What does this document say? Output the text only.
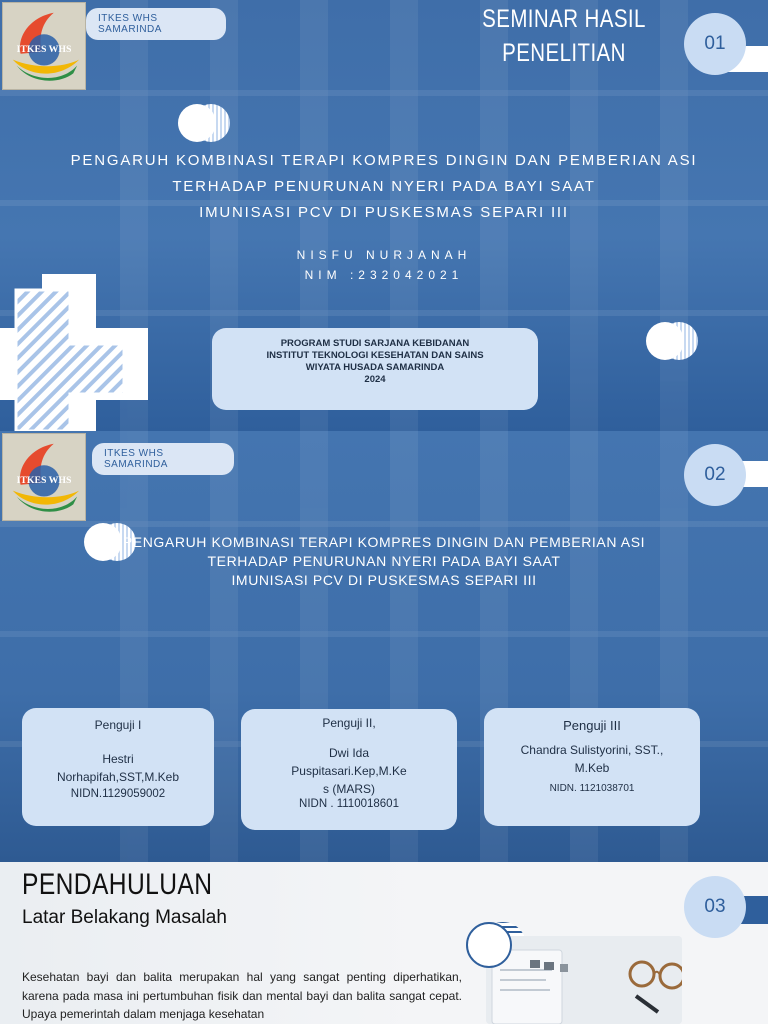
ITKES WHS
ITKES WHS SAMARINDA	SEMINAR HASIL
PENELITIAN	01
PENGARUH KOMBINASI TERAPI KOMPRES DINGIN DAN PEMBERIAN ASI
TERHADAP PENURUNAN NYERI PADA BAYI SAAT
IMUNISASI PCV DI PUSKESMAS SEPARI III
NISFU NURJANAH
NIM :232042021
PROGRAM STUDI SARJANA KEBIDANAN
INSTITUT TEKNOLOGI KESEHATAN DAN SAINS
WIYATA HUSADA SAMARINDA
2024
ITKES WHS
ITKES WHS SAMARINDA	02
PENGARUH KOMBINASI TERAPI KOMPRES DINGIN DAN PEMBERIAN ASI
TERHADAP PENURUNAN NYERI PADA BAYI SAAT
IMUNISASI PCV DI PUSKESMAS SEPARI III
Penguji I
Hestri
Norhapifah,SST,M.Keb
NIDN.1129059002
Penguji II,
Dwi Ida
Puspitasari.Kep,M.Ke
s (MARS)
NIDN . 1110018601
Penguji III
Chandra Sulistyorini, SST.,
M.Keb
NIDN. 1121038701
03
PENDAHULUAN
Latar Belakang Masalah
Kesehatan bayi dan balita merupakan hal yang sangat penting diperhatikan, karena pada masa ini pertumbuhan fisik dan mental bayi dan balita sangat cepat. Upaya pemerintah dalam menjaga kesehatan
